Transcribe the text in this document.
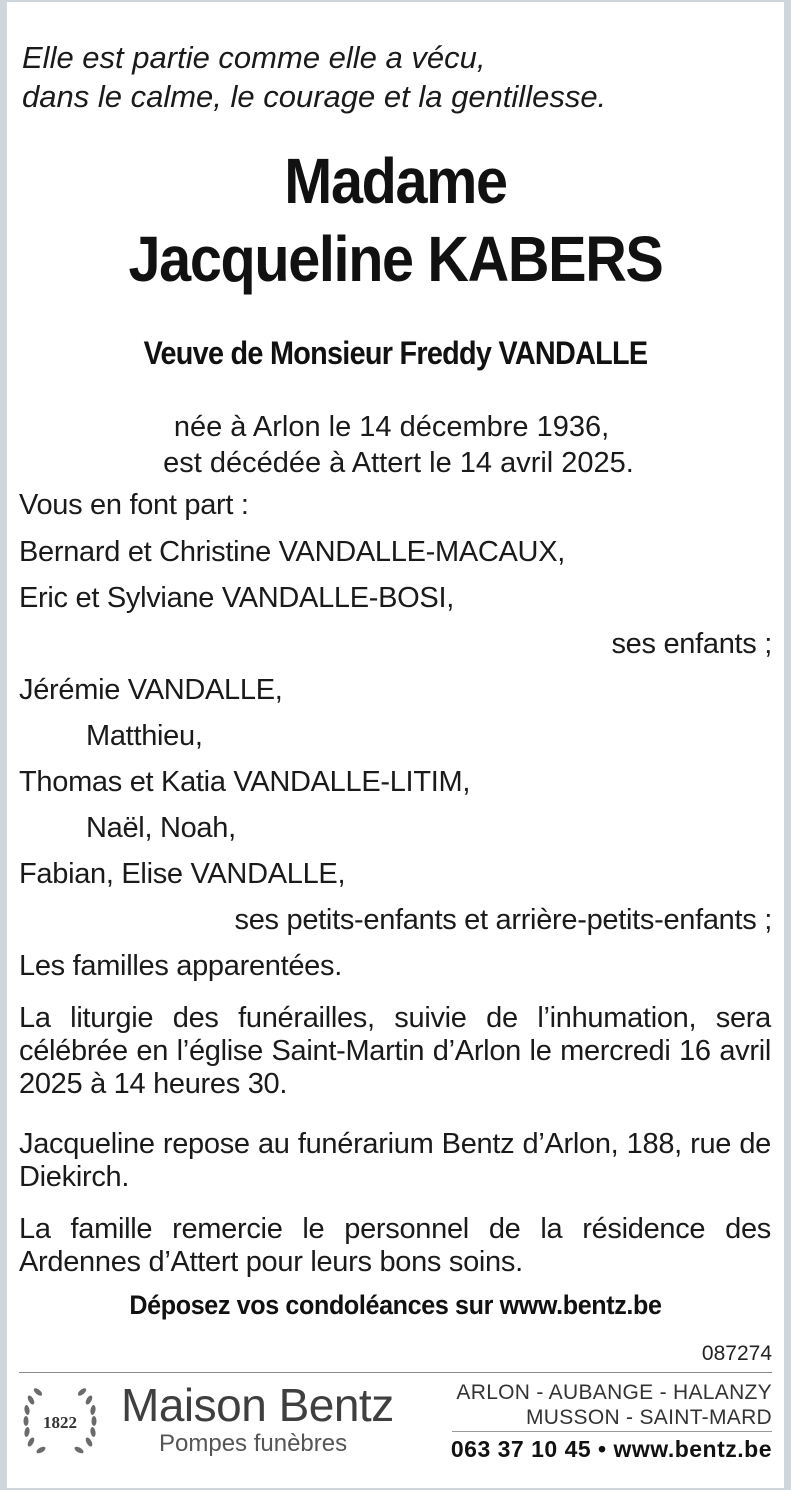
Elle est partie comme elle a vécu,
dans le calme, le courage et la gentillesse.
Madame
Jacqueline KABERS
Veuve de Monsieur Freddy VANDALLE
née à Arlon le 14 décembre 1936,
est décédée à Attert le 14 avril 2025.
Vous en font part :
Bernard et Christine VANDALLE-MACAUX,
Eric et Sylviane VANDALLE-BOSI,
ses enfants ;
Jérémie VANDALLE,
Matthieu,
Thomas et Katia VANDALLE-LITIM,
Naël, Noah,
Fabian, Elise VANDALLE,
ses petits-enfants et arrière-petits-enfants ;
Les familles apparentées.
La liturgie des funérailles, suivie de l’inhumation, sera célébrée en l’église Saint-Martin d’Arlon le mercredi 16 avril 2025 à 14 heures 30.
Jacqueline repose au funérarium Bentz d’Arlon, 188, rue de Diekirch.
La famille remercie le personnel de la résidence des Ardennes d’Attert pour leurs bons soins.
Déposez vos condoléances sur www.bentz.be
087274
1822 Maison Bentz
Pompes funèbres
ARLON - AUBANGE - HALANZY
MUSSON - SAINT-MARD
063 37 10 45 • www.bentz.be
